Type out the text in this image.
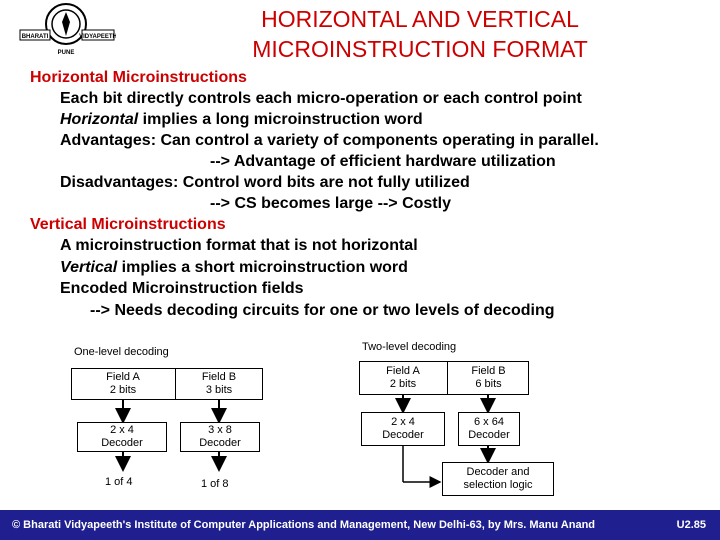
BHARATI	VIDYAPEETH
PUNE
HORIZONTAL AND VERTICAL
MICROINSTRUCTION FORMAT
Horizontal Microinstructions
Each bit directly controls each micro-operation or each control point
Horizontal implies a long microinstruction word
Advantages: Can control a variety of components operating in parallel.
--> Advantage of efficient hardware utilization
Disadvantages: Control word bits are not fully utilized
--> CS becomes large --> Costly
Vertical Microinstructions
A microinstruction format that is not horizontal
Vertical implies a short microinstruction word
Encoded Microinstruction fields
--> Needs decoding circuits for one or two levels of decoding
One-level decoding	Two-level decoding
Field A
2 bits
Field B
3 bits
2 x 4
Decoder
3 x 8
Decoder
1 of 4	1 of 8
Field A
2 bits
Field B
6 bits
2 x 4
Decoder
6 x 64
Decoder
Decoder and
selection logic
© Bharati Vidyapeeth's Institute of Computer Applications and Management, New Delhi-63, by Mrs. Manu Anand	U2.85
